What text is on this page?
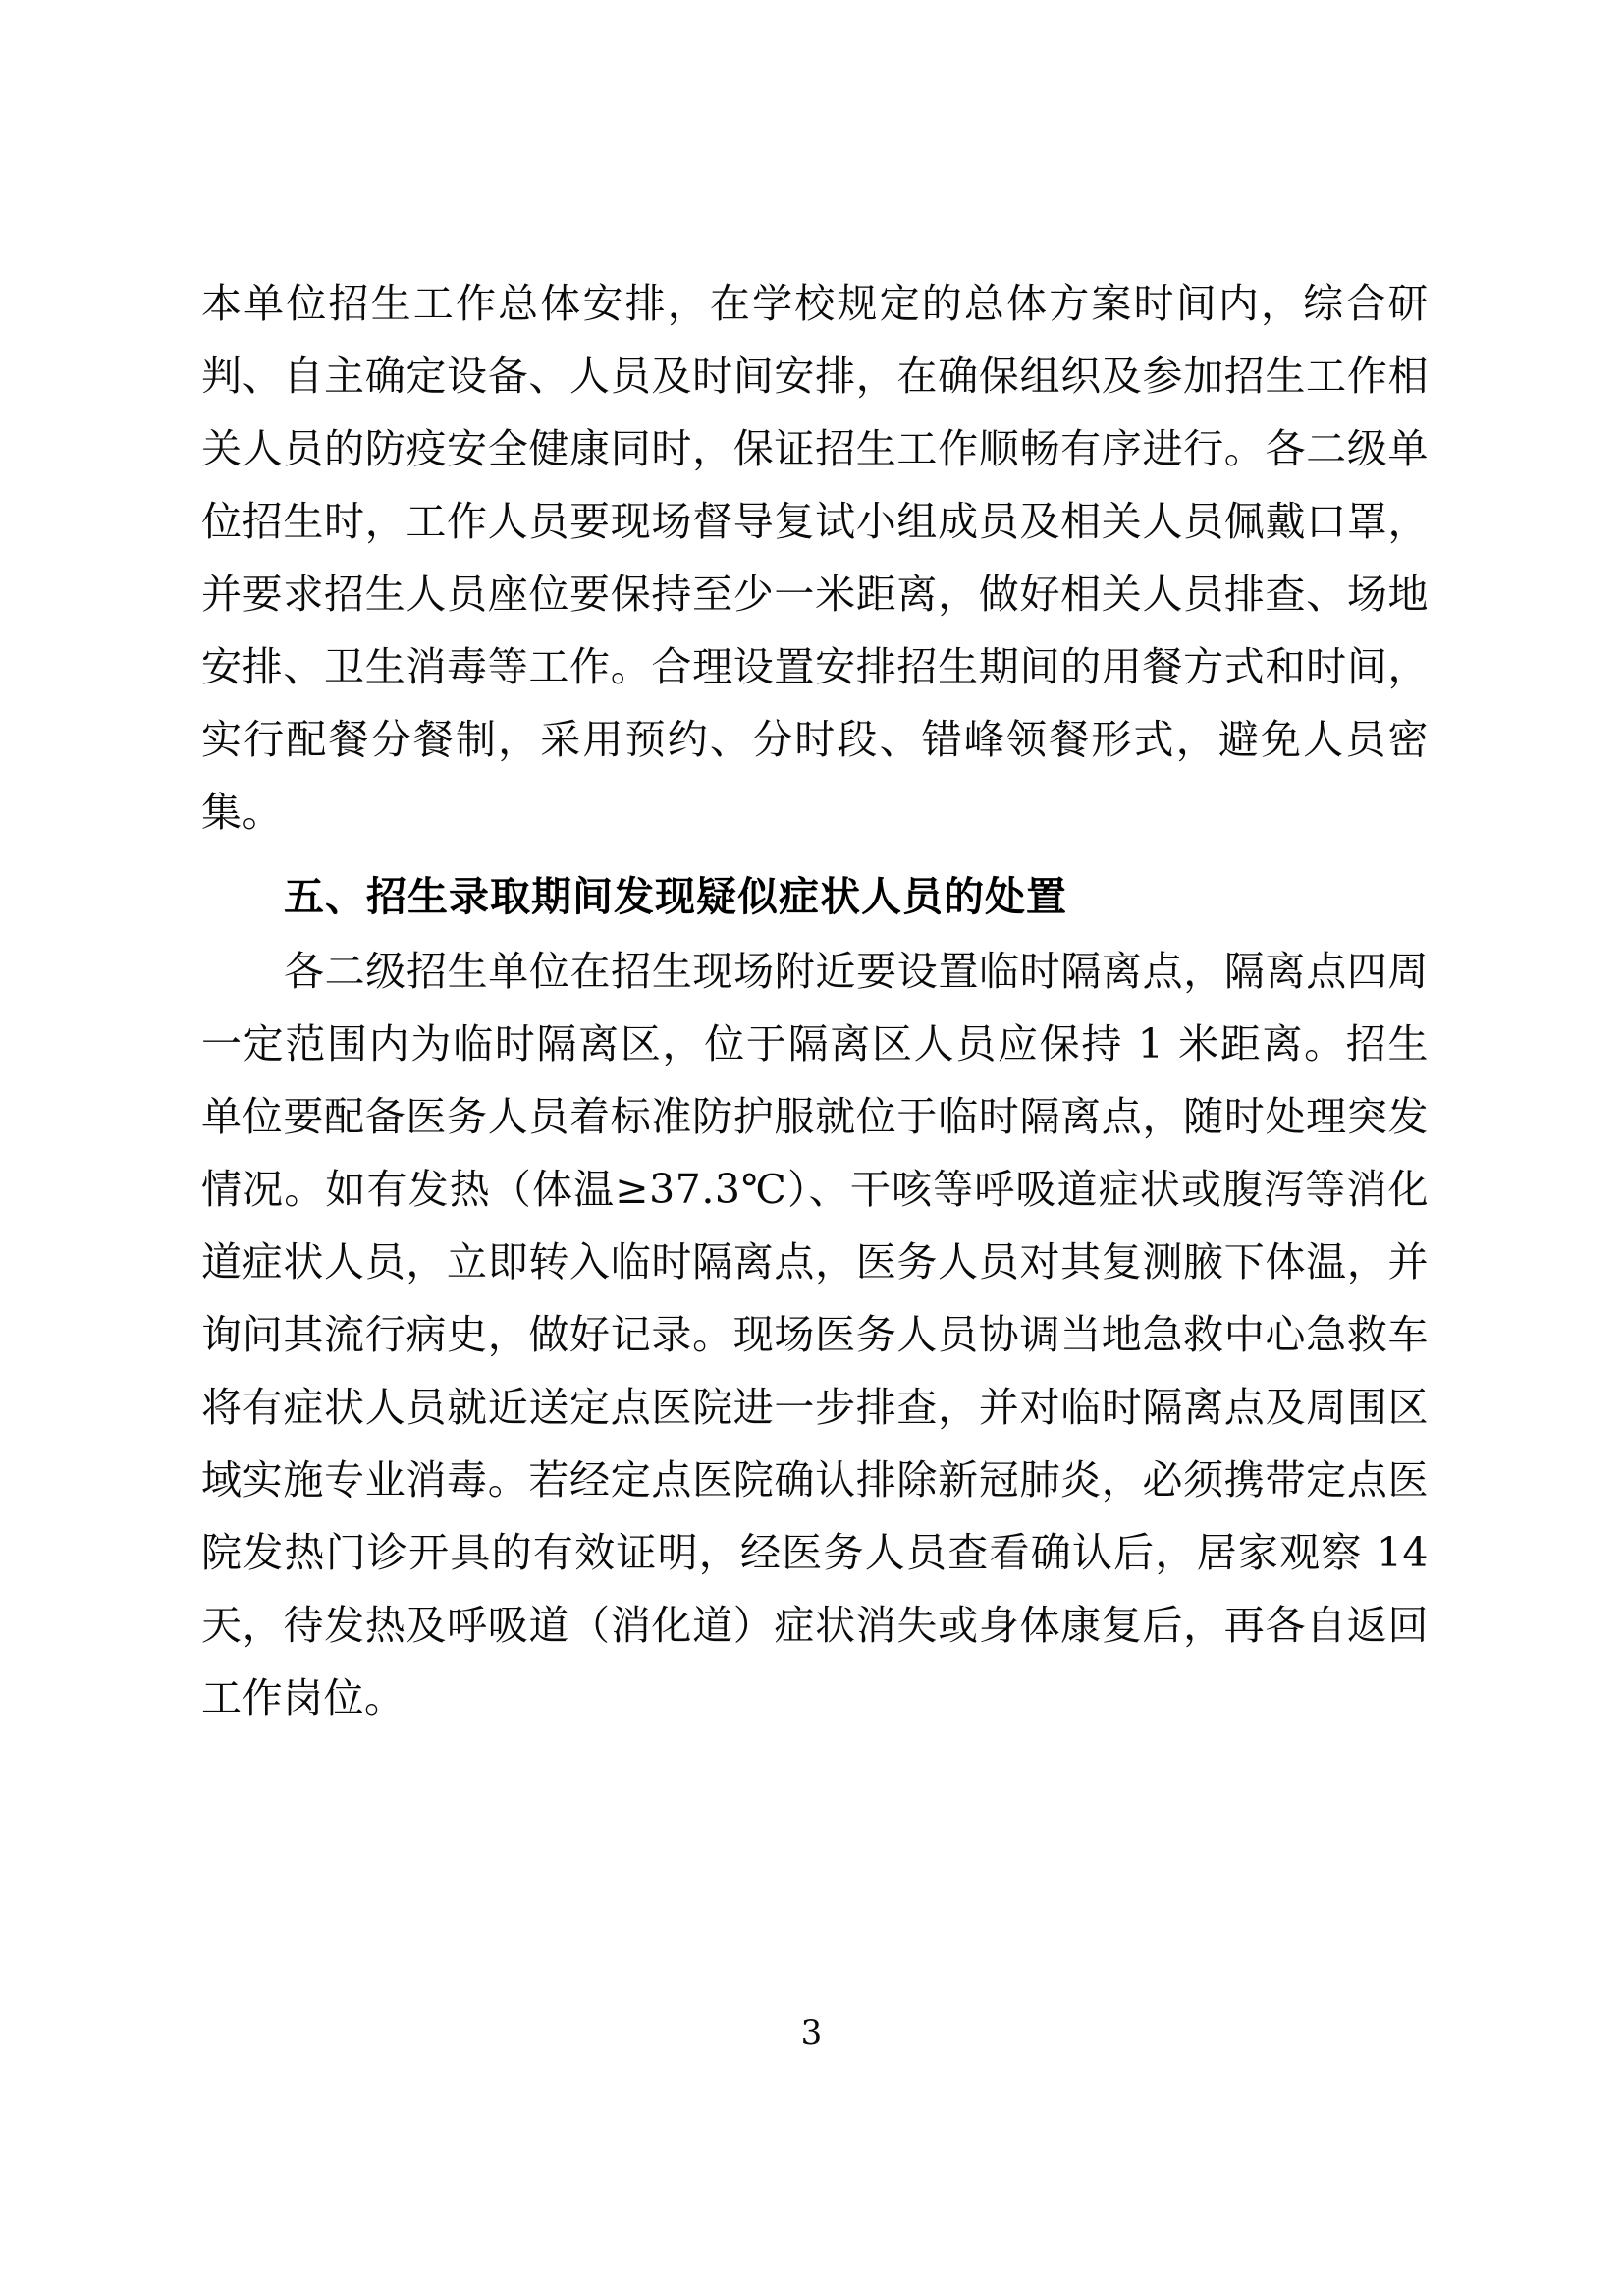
本单位招生工作总体安排，在学校规定的总体方案时间内，综合研判、自主确定设备、人员及时间安排，在确保组织及参加招生工作相关人员的防疫安全健康同时，保证招生工作顺畅有序进行。各二级单位招生时，工作人员要现场督导复试小组成员及相关人员佩戴口罩，并要求招生人员座位要保持至少一米距离，做好相关人员排查、场地安排、卫生消毒等工作。合理设置安排招生期间的用餐方式和时间，实行配餐分餐制，采用预约、分时段、错峰领餐形式，避免人员密集。

五、招生录取期间发现疑似症状人员的处置

各二级招生单位在招生现场附近要设置临时隔离点，隔离点四周一定范围内为临时隔离区，位于隔离区人员应保持 1 米距离。招生单位要配备医务人员着标准防护服就位于临时隔离点，随时处理突发情况。如有发热（体温≥37.3℃）、干咳等呼吸道症状或腹泻等消化道症状人员，立即转入临时隔离点，医务人员对其复测腋下体温，并询问其流行病史，做好记录。现场医务人员协调当地急救中心急救车将有症状人员就近送定点医院进一步排查，并对临时隔离点及周围区域实施专业消毒。若经定点医院确认排除新冠肺炎，必须携带定点医院发热门诊开具的有效证明，经医务人员查看确认后，居家观察 14 天，待发热及呼吸道（消化道）症状消失或身体康复后，再各自返回工作岗位。

3
